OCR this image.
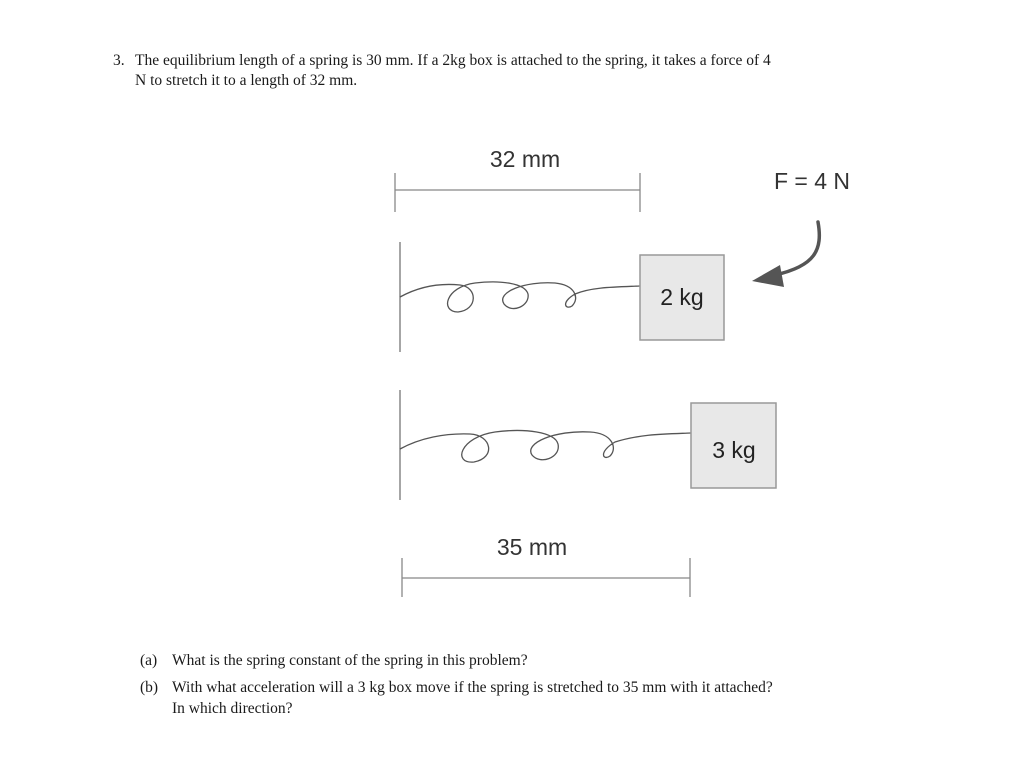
3. The equilibrium length of a spring is 30 mm. If a 2kg box is attached to the spring, it takes a force of 4
N to stretch it to a length of 32 mm.
32 mm
F = 4 N
2 kg
3 kg
35 mm
(a) What is the spring constant of the spring in this problem?
(b) With what acceleration will a 3 kg box move if the spring is stretched to 35 mm with it attached?
In which direction?
